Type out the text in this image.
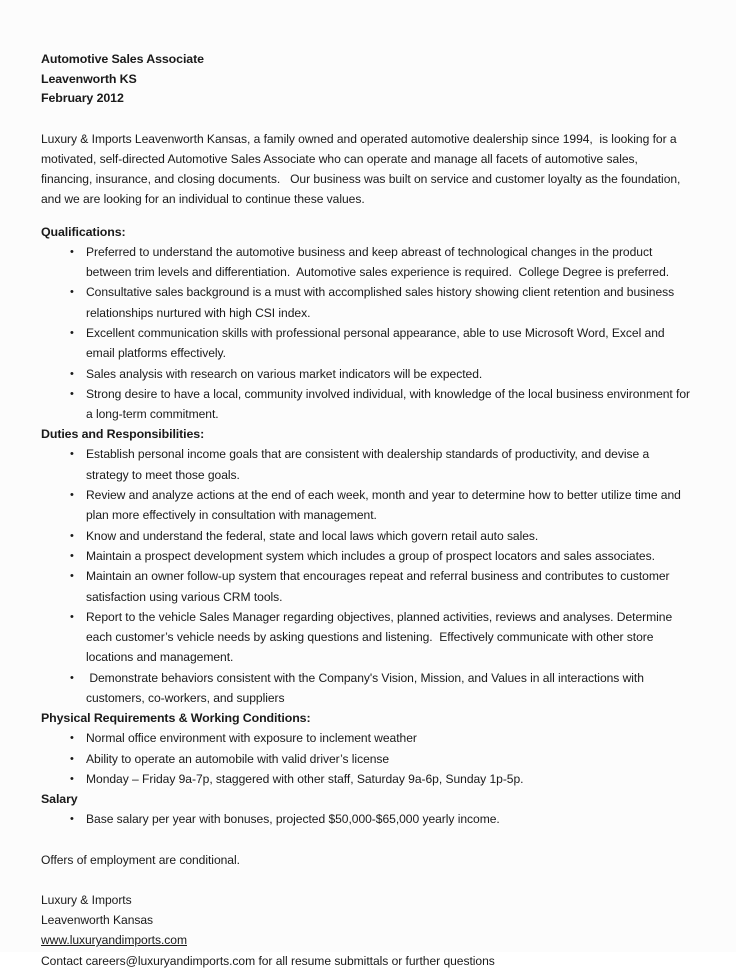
Automotive Sales Associate
Leavenworth KS
February 2012

Luxury & Imports Leavenworth Kansas, a family owned and operated automotive dealership since 1994,  is looking for a motivated, self-directed Automotive Sales Associate who can operate and manage all facets of automotive sales, financing, insurance, and closing documents.   Our business was built on service and customer loyalty as the foundation, and we are looking for an individual to continue these values.

Qualifications:
• Preferred to understand the automotive business and keep abreast of technological changes in the product between trim levels and differentiation.  Automotive sales experience is required.  College Degree is preferred.
• Consultative sales background is a must with accomplished sales history showing client retention and business relationships nurtured with high CSI index.
• Excellent communication skills with professional personal appearance, able to use Microsoft Word, Excel and email platforms effectively.
• Sales analysis with research on various market indicators will be expected.
• Strong desire to have a local, community involved individual, with knowledge of the local business environment for a long-term commitment.
Duties and Responsibilities:
• Establish personal income goals that are consistent with dealership standards of productivity, and devise a strategy to meet those goals.
• Review and analyze actions at the end of each week, month and year to determine how to better utilize time and plan more effectively in consultation with management.
• Know and understand the federal, state and local laws which govern retail auto sales.
• Maintain a prospect development system which includes a group of prospect locators and sales associates.
• Maintain an owner follow-up system that encourages repeat and referral business and contributes to customer satisfaction using various CRM tools.
• Report to the vehicle Sales Manager regarding objectives, planned activities, reviews and analyses. Determine each customer’s vehicle needs by asking questions and listening.  Effectively communicate with other store locations and management.
•  Demonstrate behaviors consistent with the Company's Vision, Mission, and Values in all interactions with customers, co-workers, and suppliers
Physical Requirements & Working Conditions:
• Normal office environment with exposure to inclement weather
• Ability to operate an automobile with valid driver’s license
• Monday – Friday 9a-7p, staggered with other staff, Saturday 9a-6p, Sunday 1p-5p.
Salary
• Base salary per year with bonuses, projected $50,000-$65,000 yearly income.
Offers of employment are conditional.
Luxury & Imports
Leavenworth Kansas
www.luxuryandimports.com
Contact careers@luxuryandimports.com for all resume submittals or further questions
